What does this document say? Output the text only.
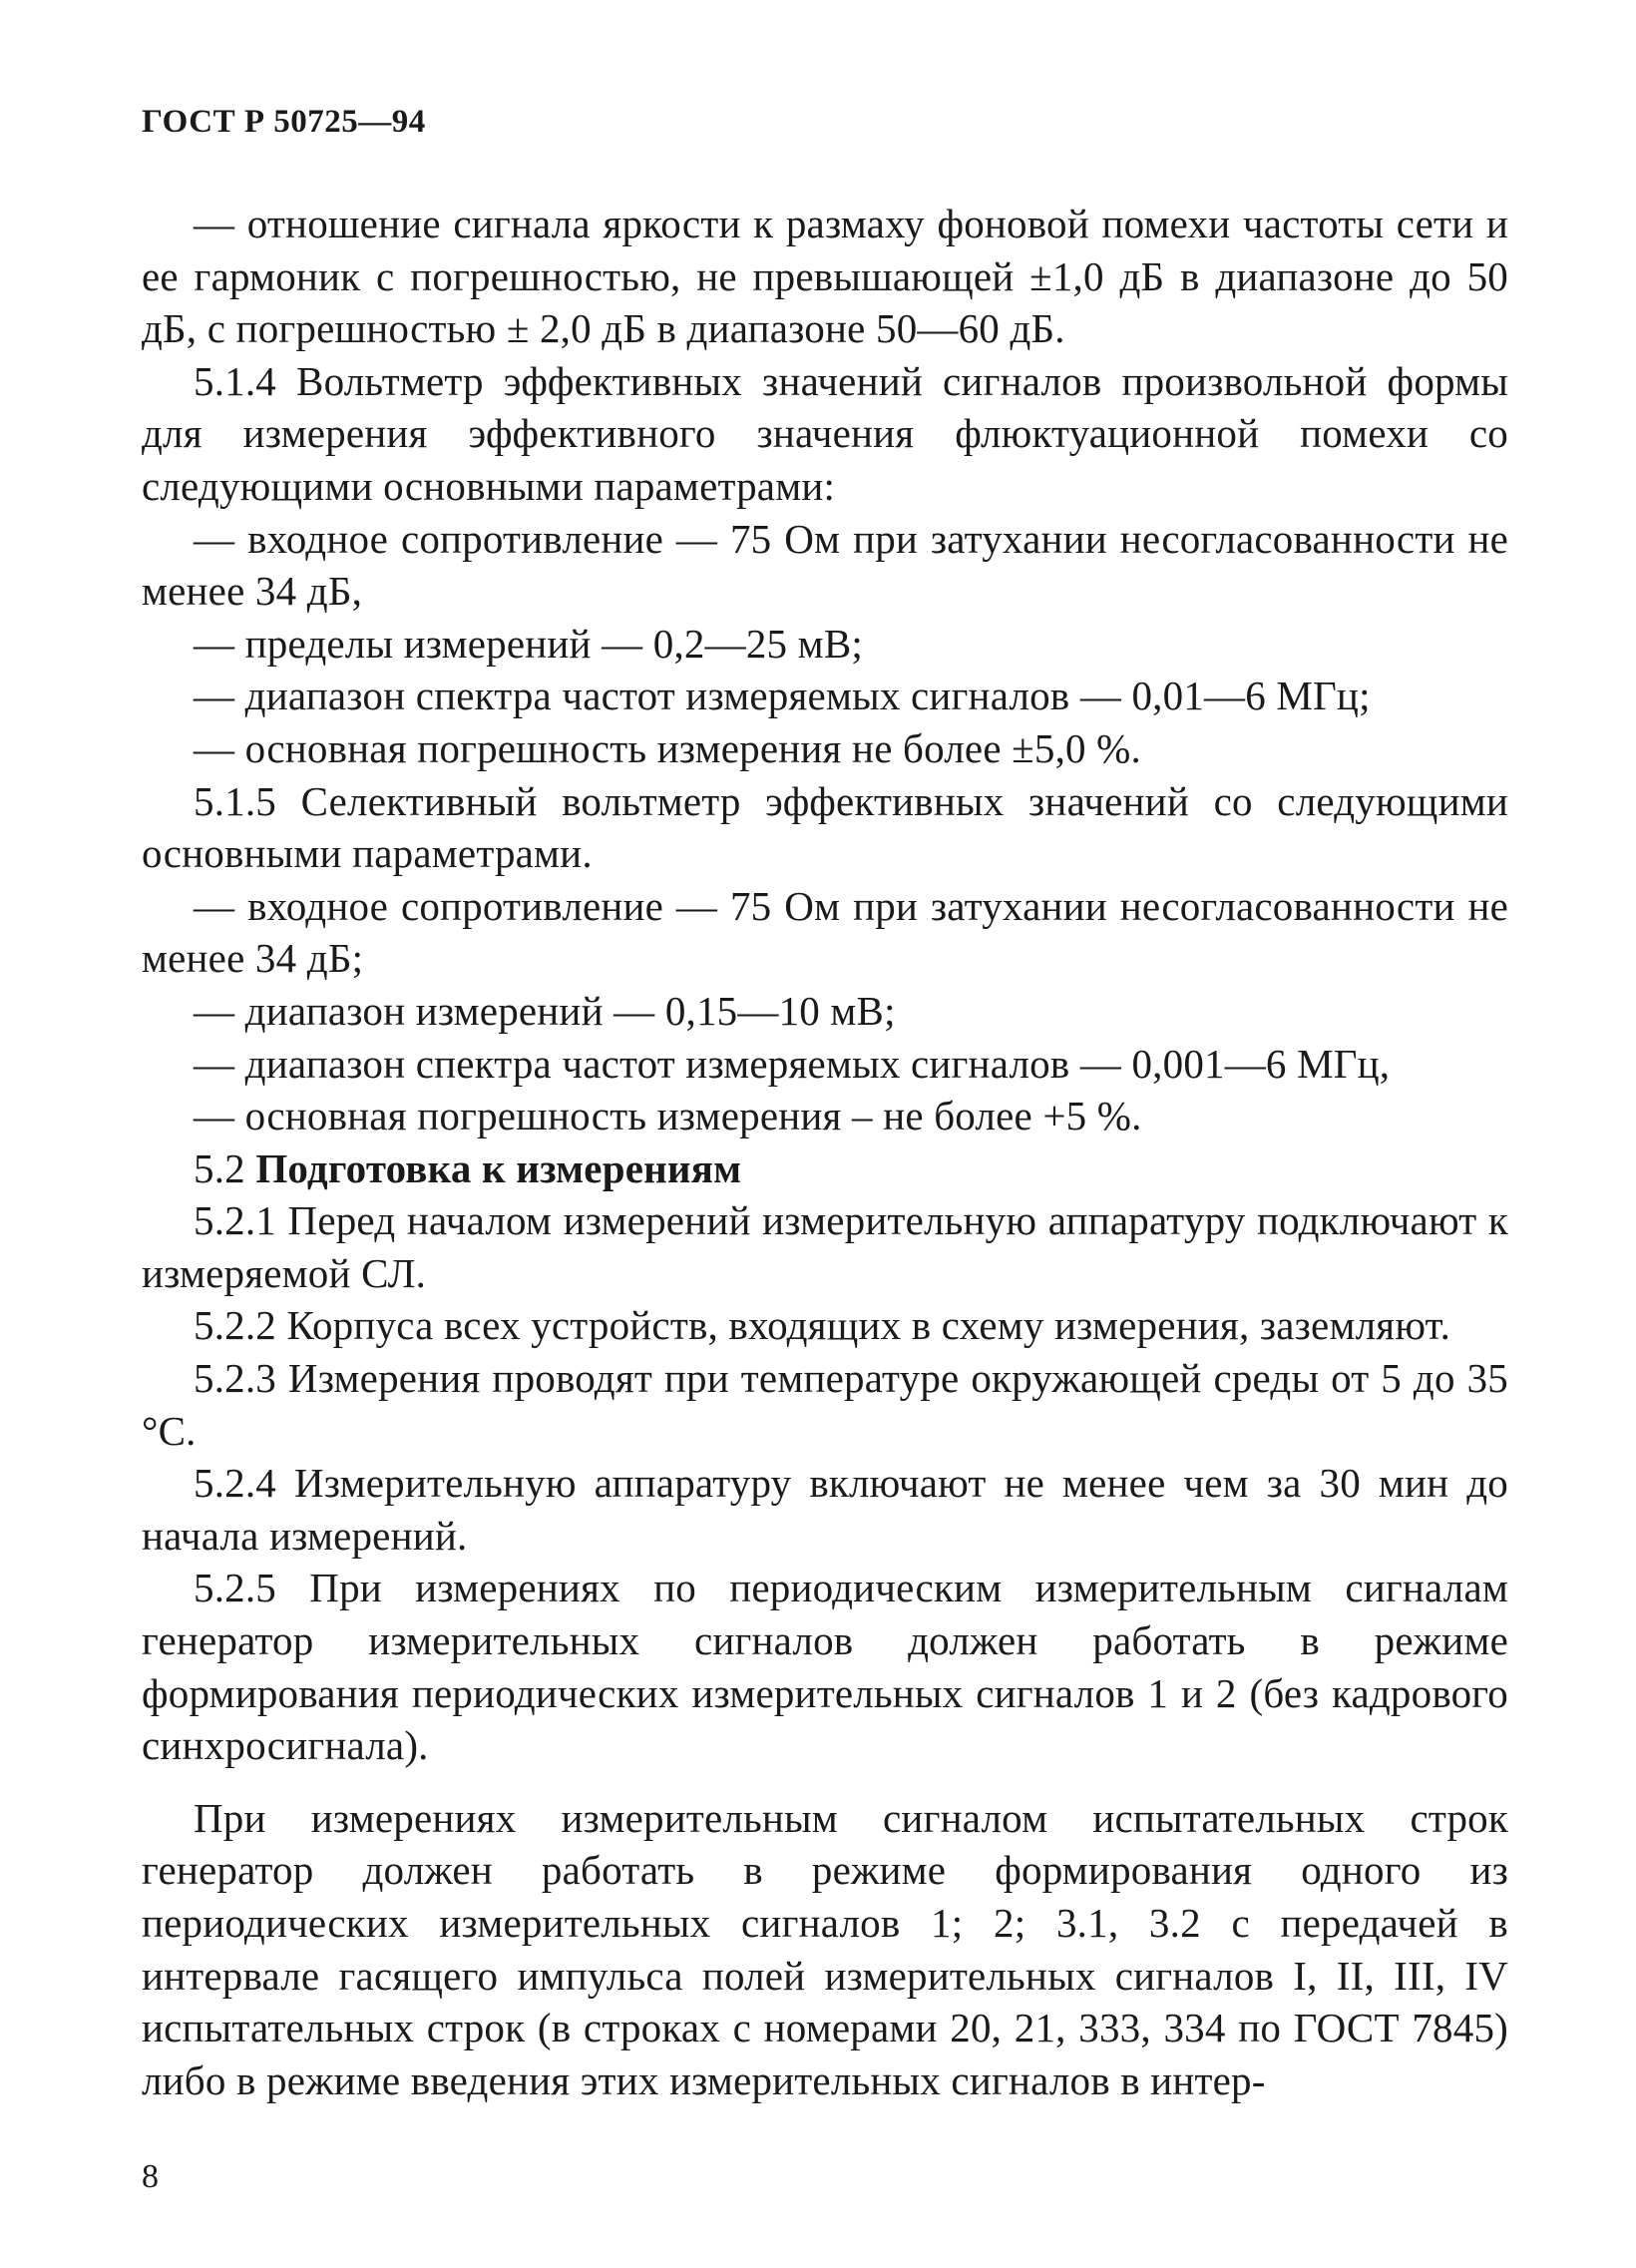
ГОСТ Р 50725—94

— отношение сигнала яркости к размаху фоновой помехи частоты сети и ее гармоник с погрешностью, не превышающей ±1,0 дБ в диапазоне до 50 дБ, с погрешностью ± 2,0 дБ в диапазоне 50—60 дБ.

5.1.4 Вольтметр эффективных значений сигналов произвольной формы для измерения эффективного значения флюктуационной помехи со следующими основными параметрами:

— входное сопротивление — 75 Ом при затухании несогласованности не менее 34 дБ,

— пределы измерений — 0,2—25 мВ;

— диапазон спектра частот измеряемых сигналов — 0,01—6 МГц;

— основная погрешность измерения не более ±5,0 %.

5.1.5 Селективный вольтметр эффективных значений со следующими основными параметрами.

— входное сопротивление — 75 Ом при затухании несогласованности не менее 34 дБ;

— диапазон измерений — 0,15—10 мВ;

— диапазон спектра частот измеряемых сигналов — 0,001—6 МГц,

— основная погрешность измерения – не более +5 %.

5.2 Подготовка к измерениям

5.2.1 Перед началом измерений измерительную аппаратуру подключают к измеряемой СЛ.

5.2.2 Корпуса всех устройств, входящих в схему измерения, заземляют.

5.2.3 Измерения проводят при температуре окружающей среды от 5 до 35 °С.

5.2.4 Измерительную аппаратуру включают не менее чем за 30 мин до начала измерений.

5.2.5 При измерениях по периодическим измерительным сигналам генератор измерительных сигналов должен работать в режиме формирования периодических измерительных сигналов 1 и 2 (без кадрового синхросигнала).

При измерениях измерительным сигналом испытательных строк генератор должен работать в режиме формирования одного из периодических измерительных сигналов 1; 2; 3.1, 3.2 с передачей в интервале гасящего импульса полей измерительных сигналов I, II, III, IV испытательных строк (в строках с номерами 20, 21, 333, 334 по ГОСТ 7845) либо в режиме введения этих измерительных сигналов в интер-

8
